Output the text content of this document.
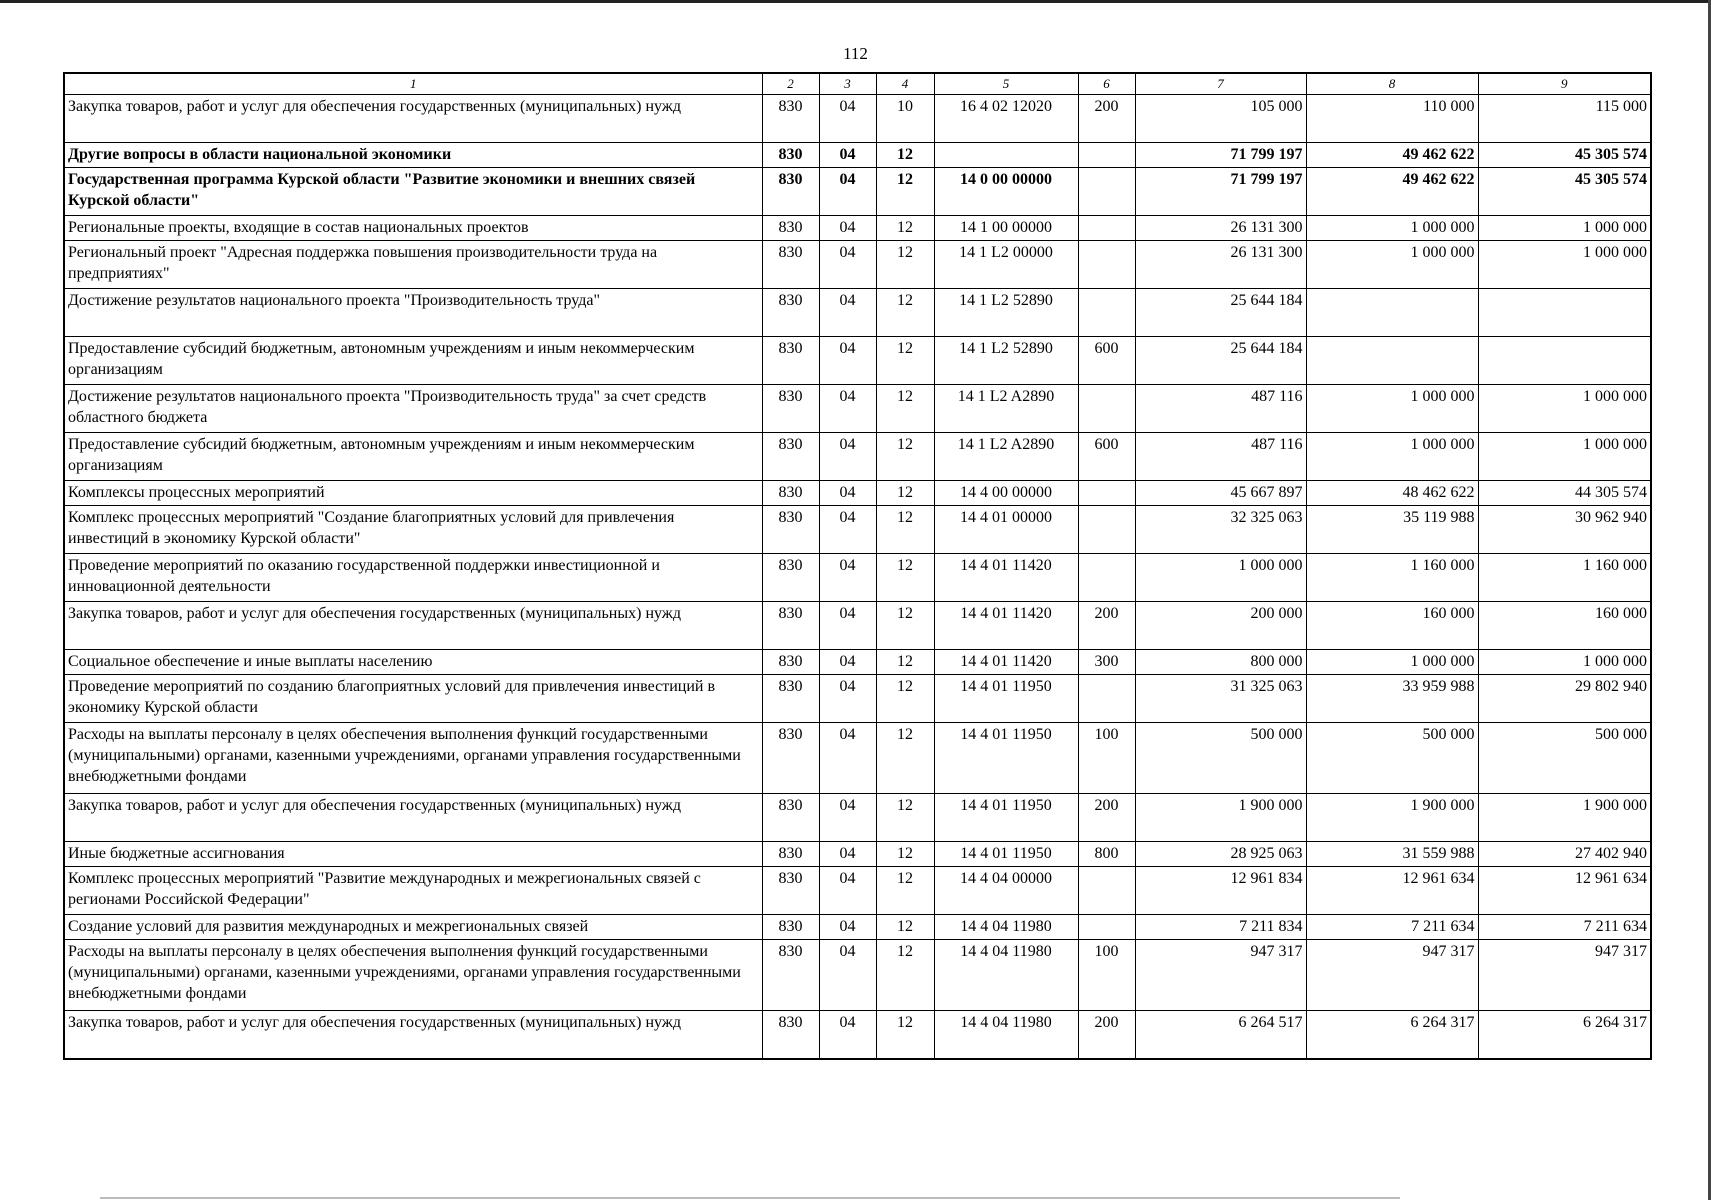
112
1	2	3	4	5	6	7	8	9
Закупка товаров, работ и услуг для обеспечения государственных (муниципальных) нужд	830	04	10	16 4 02 12020	200	105 000	110 000	115 000
Другие вопросы в области национальной экономики	830	04	12			71 799 197	49 462 622	45 305 574
Государственная программа Курской области "Развитие экономики и внешних связей Курской области"	830	04	12	14 0 00 00000		71 799 197	49 462 622	45 305 574
Региональные проекты, входящие в состав национальных проектов	830	04	12	14 1 00 00000		26 131 300	1 000 000	1 000 000
Региональный проект "Адресная поддержка повышения производительности труда на предприятиях"	830	04	12	14 1 L2 00000		26 131 300	1 000 000	1 000 000
Достижение результатов национального проекта "Производительность труда"	830	04	12	14 1 L2 52890		25 644 184		
Предоставление субсидий бюджетным, автономным учреждениям и иным некоммерческим организациям	830	04	12	14 1 L2 52890	600	25 644 184		
Достижение результатов национального проекта "Производительность труда" за счет средств областного бюджета	830	04	12	14 1 L2 A2890		487 116	1 000 000	1 000 000
Предоставление субсидий бюджетным, автономным учреждениям и иным некоммерческим организациям	830	04	12	14 1 L2 A2890	600	487 116	1 000 000	1 000 000
Комплексы процессных мероприятий	830	04	12	14 4 00 00000		45 667 897	48 462 622	44 305 574
Комплекс процессных мероприятий "Создание благоприятных условий для привлечения инвестиций в экономику Курской области"	830	04	12	14 4 01 00000		32 325 063	35 119 988	30 962 940
Проведение мероприятий по оказанию государственной поддержки инвестиционной и инновационной деятельности	830	04	12	14 4 01 11420		1 000 000	1 160 000	1 160 000
Закупка товаров, работ и услуг для обеспечения государственных (муниципальных) нужд	830	04	12	14 4 01 11420	200	200 000	160 000	160 000
Социальное обеспечение и иные выплаты населению	830	04	12	14 4 01 11420	300	800 000	1 000 000	1 000 000
Проведение мероприятий по созданию благоприятных условий для привлечения инвестиций в экономику Курской области	830	04	12	14 4 01 11950		31 325 063	33 959 988	29 802 940
Расходы на выплаты персоналу в целях обеспечения выполнения функций государственными (муниципальными) органами, казенными учреждениями, органами управления государственными внебюджетными фондами	830	04	12	14 4 01 11950	100	500 000	500 000	500 000
Закупка товаров, работ и услуг для обеспечения государственных (муниципальных) нужд	830	04	12	14 4 01 11950	200	1 900 000	1 900 000	1 900 000
Иные бюджетные ассигнования	830	04	12	14 4 01 11950	800	28 925 063	31 559 988	27 402 940
Комплекс процессных мероприятий "Развитие международных и межрегиональных связей с регионами Российской Федерации"	830	04	12	14 4 04 00000		12 961 834	12 961 634	12 961 634
Создание условий для развития международных и межрегиональных связей	830	04	12	14 4 04 11980		7 211 834	7 211 634	7 211 634
Расходы на выплаты персоналу в целях обеспечения выполнения функций государственными (муниципальными) органами, казенными учреждениями, органами управления государственными внебюджетными фондами	830	04	12	14 4 04 11980	100	947 317	947 317	947 317
Закупка товаров, работ и услуг для обеспечения государственных (муниципальных) нужд	830	04	12	14 4 04 11980	200	6 264 517	6 264 317	6 264 317
